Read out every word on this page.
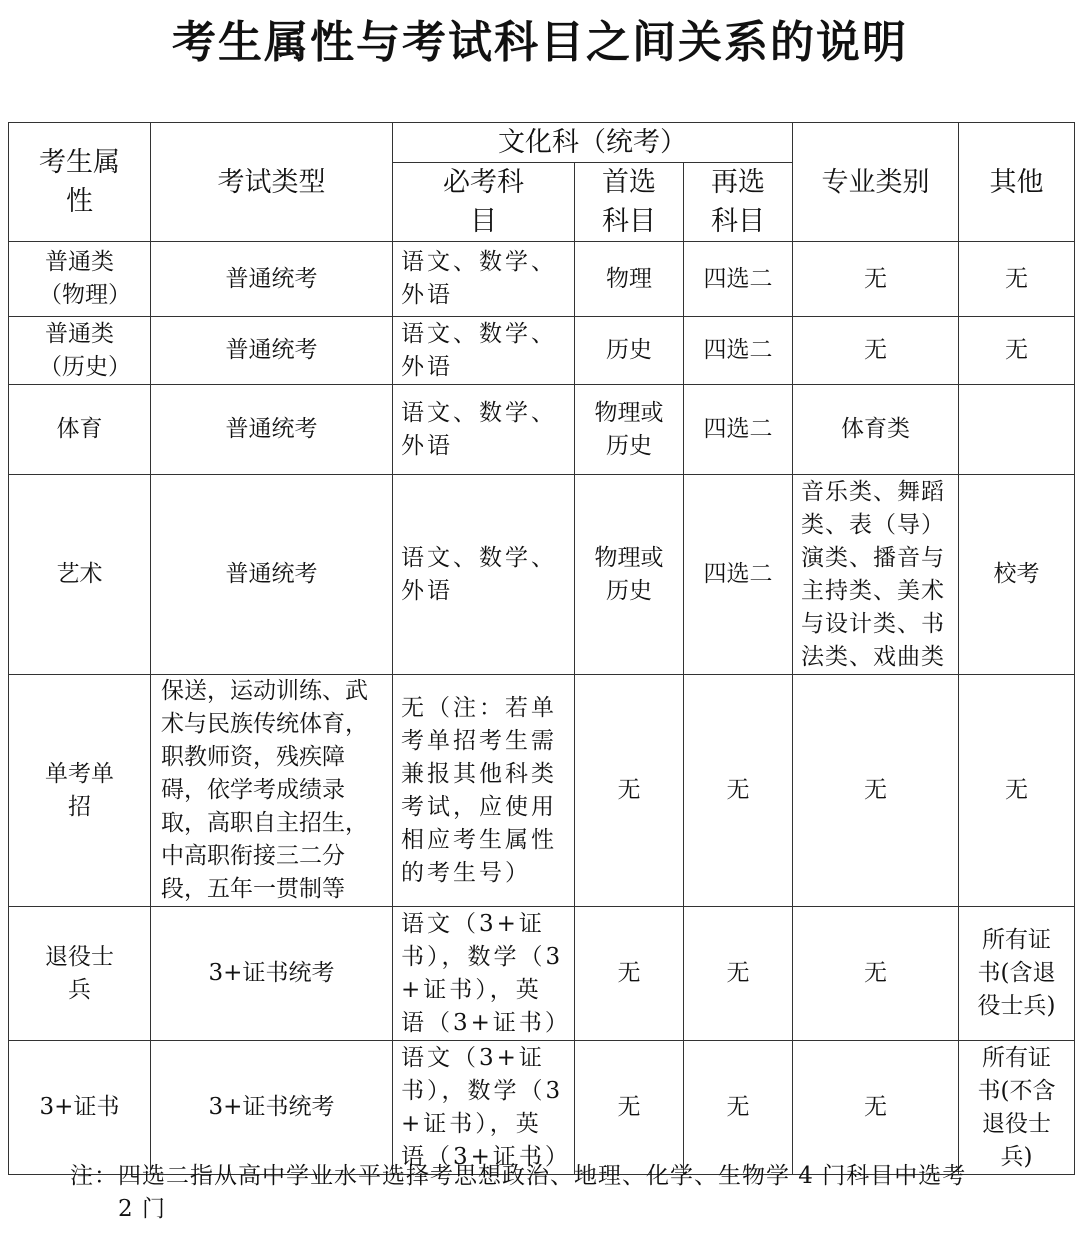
考生属性与考试科目之间关系的说明
考生属性	考试类型	文化科（统考）			专业类别	其他
		必考科目	首选科目	再选科目		
普通类（物理）	普通统考	语文、数学、外语	物理	四选二	无	无
普通类（历史）	普通统考	语文、数学、外语	历史	四选二	无	无
体育	普通统考	语文、数学、外语	物理或历史	四选二	体育类	
艺术	普通统考	语文、数学、外语	物理或历史	四选二	音乐类、舞蹈类、表（导）演类、播音与主持类、美术与设计类、书法类、戏曲类	校考
单考单招	保送，运动训练、武术与民族传统体育，职教师资，残疾障碍，依学考成绩录取，高职自主招生，中高职衔接三二分段，五年一贯制等	无（注：若单考单招考生需兼报其他科类考试，应使用相应考生属性的考生号）	无	无	无	无
退役士兵	3+证书统考	语文（3+证书），数学（3+证书），英语（3+证书）	无	无	无	所有证书(含退役士兵)
3+证书	3+证书统考	语文（3+证书），数学（3+证书），英语（3+证书）	无	无	无	所有证书(不含退役士兵)
注：四选二指从高中学业水平选择考思想政治、地理、化学、生物学 4 门科目中选考
2 门
